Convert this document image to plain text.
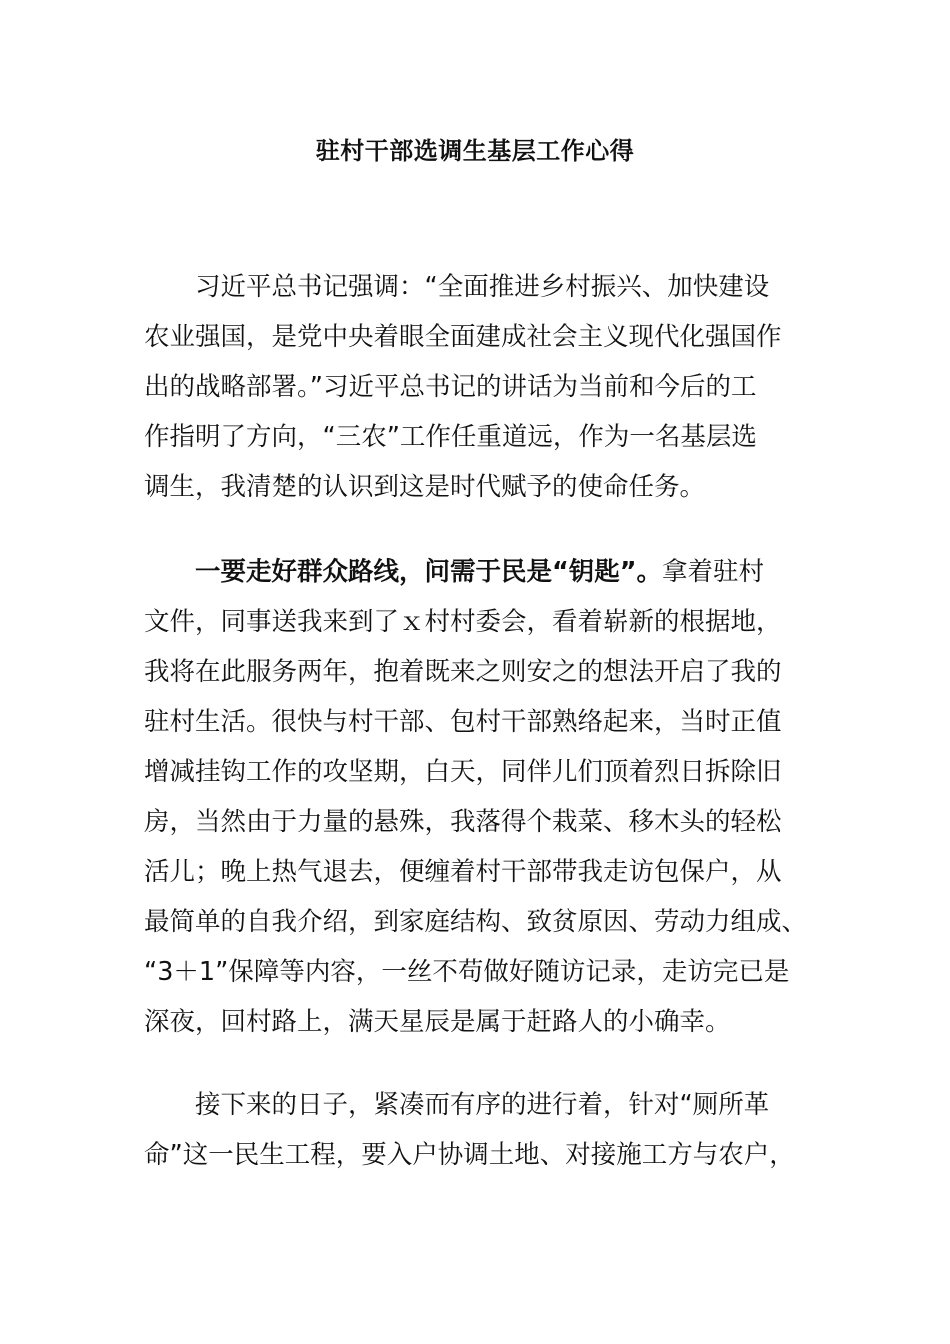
驻村干部选调生基层工作心得
习近平总书记强调：“全面推进乡村振兴、加快建设
农业强国，是党中央着眼全面建成社会主义现代化强国作
出的战略部署。”习近平总书记的讲话为当前和今后的工
作指明了方向，“三农”工作任重道远，作为一名基层选
调生，我清楚的认识到这是时代赋予的使命任务。
一要走好群众路线，问需于民是“钥匙”。拿着驻村
文件，同事送我来到了ｘ村村委会，看着崭新的根据地，
我将在此服务两年，抱着既来之则安之的想法开启了我的
驻村生活。很快与村干部、包村干部熟络起来，当时正值
增减挂钩工作的攻坚期，白天，同伴儿们顶着烈日拆除旧
房，当然由于力量的悬殊，我落得个栽菜、移木头的轻松
活儿；晚上热气退去，便缠着村干部带我走访包保户，从
最简单的自我介绍，到家庭结构、致贫原因、劳动力组成、
“3＋1”保障等内容，一丝不苟做好随访记录，走访完已是
深夜，回村路上，满天星辰是属于赶路人的小确幸。
接下来的日子，紧凑而有序的进行着，针对“厕所革
命”这一民生工程，要入户协调土地、对接施工方与农户，
